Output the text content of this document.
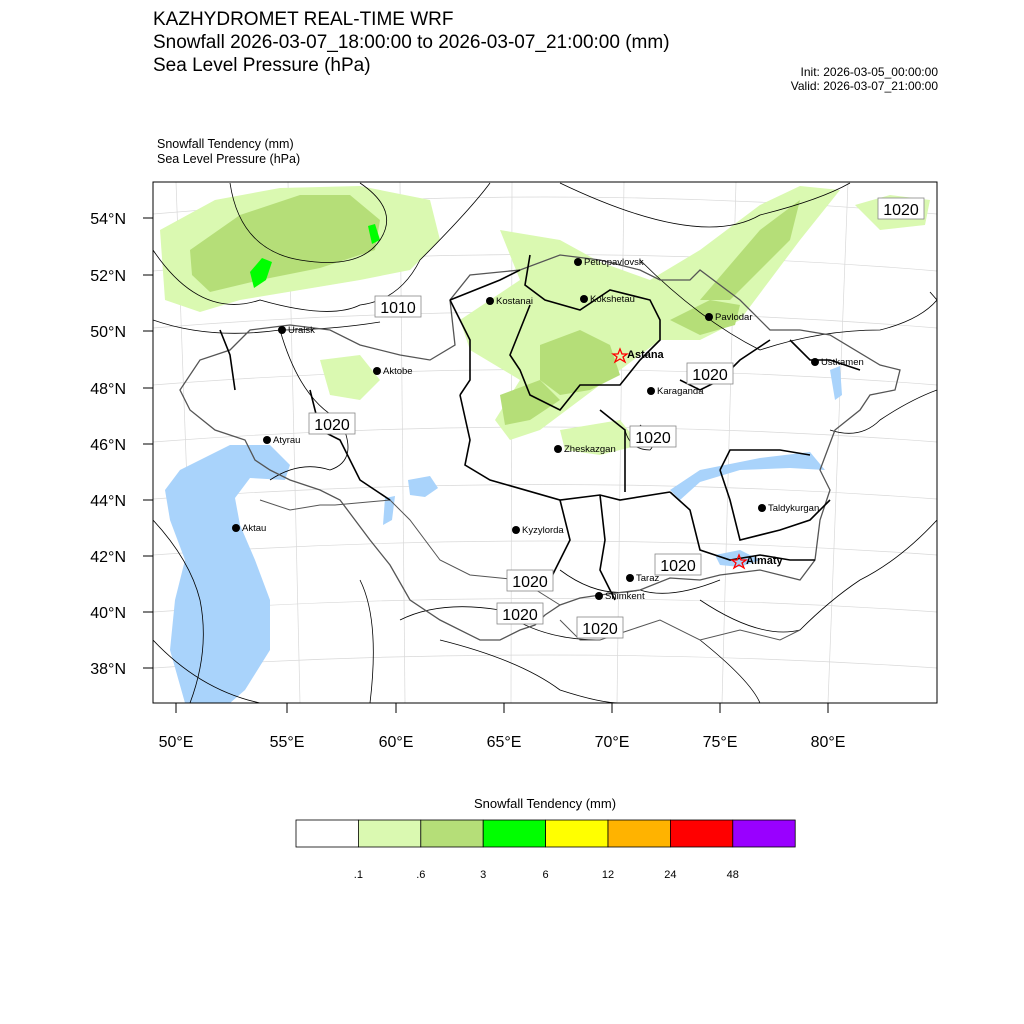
KAZHYDROMET REAL-TIME WRF
Snowfall 2026-03-07_18:00:00 to 2026-03-07_21:00:00 (mm)
Sea Level Pressure (hPa)	Init: 2026-03-05_00:00:00
Valid: 2026-03-07_21:00:00
Snowfall Tendency (mm)
Sea Level Pressure (hPa)
54°N
52°N
50°N
48°N
46°N
44°N
42°N
40°N
38°N
50°E	55°E	60°E	65°E	70°E	75°E	80°E
1020
1010
1020
1020
1020
1020
1020
1020
1020
Petropavlovsk
Kostanai	Kokshetau
Pavlodar
Uralsk
Astana
Ustkamen
Aktobe
Karaganda
Atyrau
Zheskazgan
Aktau	Kyzylorda
Taldykurgan
Almaty
Taraz
Shimkent
.1	.6	3	6	12	24	48
Snowfall Tendency (mm)
